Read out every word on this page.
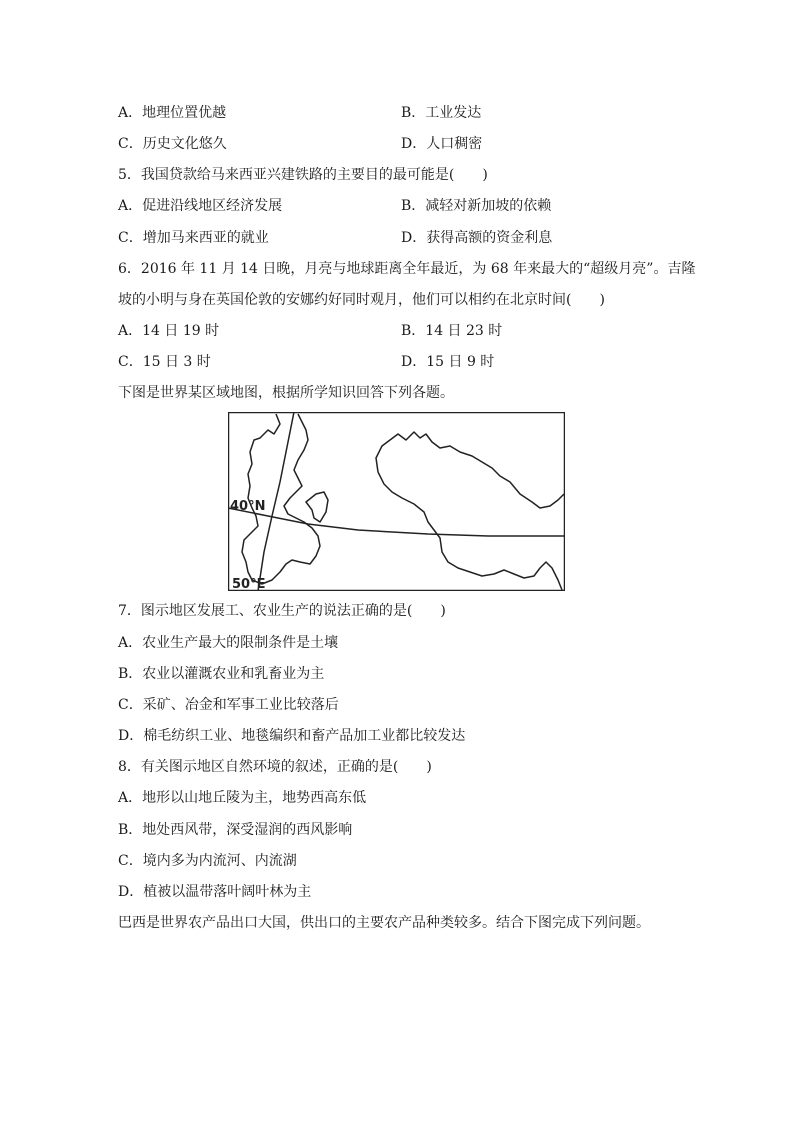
A．地理位置优越	B．工业发达
C．历史文化悠久	D．人口稠密
5．我国贷款给马来西亚兴建铁路的主要目的最可能是(　　)
A．促进沿线地区经济发展	B．减轻对新加坡的依赖
C．增加马来西亚的就业	D．获得高额的资金利息
6．2016 年 11 月 14 日晚，月亮与地球距离全年最近，为 68 年来最大的“超级月亮”。吉隆
坡的小明与身在英国伦敦的安娜约好同时观月，他们可以相约在北京时间(　　)
A．14 日 19 时	B．14 日 23 时
C．15 日 3 时	D．15 日 9 时
下图是世界某区域地图，根据所学知识回答下列各题。
40°N
50°E
7．图示地区发展工、农业生产的说法正确的是(　　)
A．农业生产最大的限制条件是土壤
B．农业以灌溉农业和乳畜业为主
C．采矿、冶金和军事工业比较落后
D．棉毛纺织工业、地毯编织和畜产品加工业都比较发达
8．有关图示地区自然环境的叙述，正确的是(　　)
A．地形以山地丘陵为主，地势西高东低
B．地处西风带，深受湿润的西风影响
C．境内多为内流河、内流湖
D．植被以温带落叶阔叶林为主
巴西是世界农产品出口大国，供出口的主要农产品种类较多。结合下图完成下列问题。
